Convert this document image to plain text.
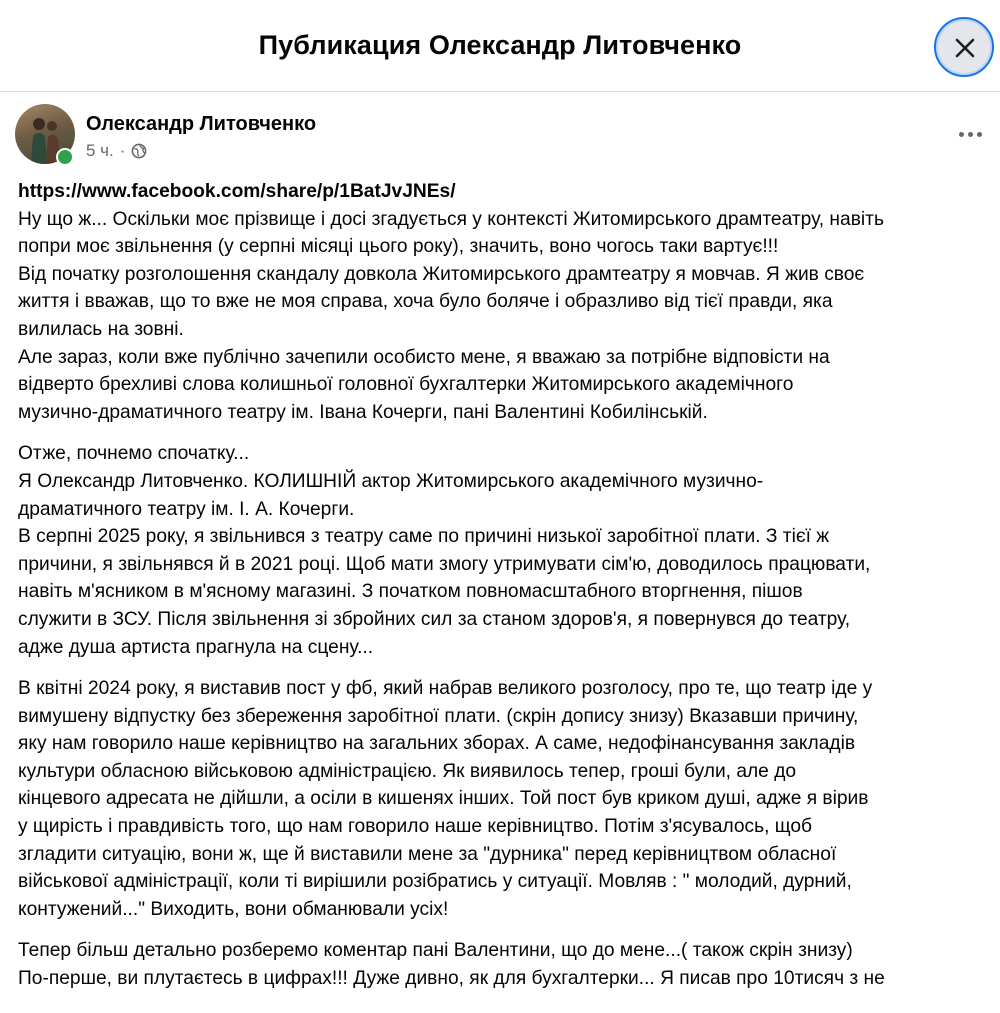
Публикация Олександр Литовченко
Олександр Литовченко
5 ч. ·
https://www.facebook.com/share/p/1BatJvJNEs/
Ну що ж... Оскільки моє прізвище і досі згадується у контексті Житомирського драмтеатру, навіть
попри моє звільнення (у серпні місяці цього року), значить, воно чогось таки вартує!!!
Від початку розголошення скандалу довкола Житомирського драмтеатру я мовчав. Я жив своє
життя і вважав, що то вже не моя справа, хоча було боляче і образливо від тієї правди, яка
вилилась на зовні.
Але зараз, коли вже публічно зачепили особисто мене, я вважаю за потрібне відповісти на
відверто брехливі слова колишньої головної бухгалтерки Житомирського академічного
музично-драматичного театру ім. Івана Кочерги, пані Валентині Кобилінській.
Отже, почнемо спочатку...
Я Олександр Литовченко. КОЛИШНІЙ актор Житомирського академічного музично-
драматичного театру ім. І. А. Кочерги.
В серпні 2025 року, я звільнився з театру саме по причині низької заробітної плати. З тієї ж
причини, я звільнявся й в 2021 році. Щоб мати змогу утримувати сім'ю, доводилось працювати,
навіть м'ясником в м'ясному магазині. З початком повномасштабного вторгнення, пішов
служити в ЗСУ. Після звільнення зі збройних сил за станом здоров'я, я повернувся до театру,
адже душа артиста прагнула на сцену...
В квітні 2024 року, я виставив пост у фб, який набрав великого розголосу, про те, що театр іде у
вимушену відпустку без збереження заробітної плати. (скрін допису знизу) Вказавши причину,
яку нам говорило наше керівництво на загальних зборах. А саме, недофінансування закладів
культури обласною військовою адміністрацією. Як виявилось тепер, гроші були, але до
кінцевого адресата не дійшли, а осіли в кишенях інших. Той пост був криком душі, адже я вірив
у щирість і правдивість того, що нам говорило наше керівництво. Потім з'ясувалось, щоб
згладити ситуацію, вони ж, ще й виставили мене за "дурника" перед керівництвом обласної
військової адміністрації, коли ті вирішили розібратись у ситуації. Мовляв : " молодий, дурний,
контужений..." Виходить, вони обманювали усіх!
Тепер більш детально розберемо коментар пані Валентини, що до мене...( також скрін знизу)
По-перше, ви плутаєтесь в цифрах!!! Дуже дивно, як для бухгалтерки... Я писав про 10тисяч з не
